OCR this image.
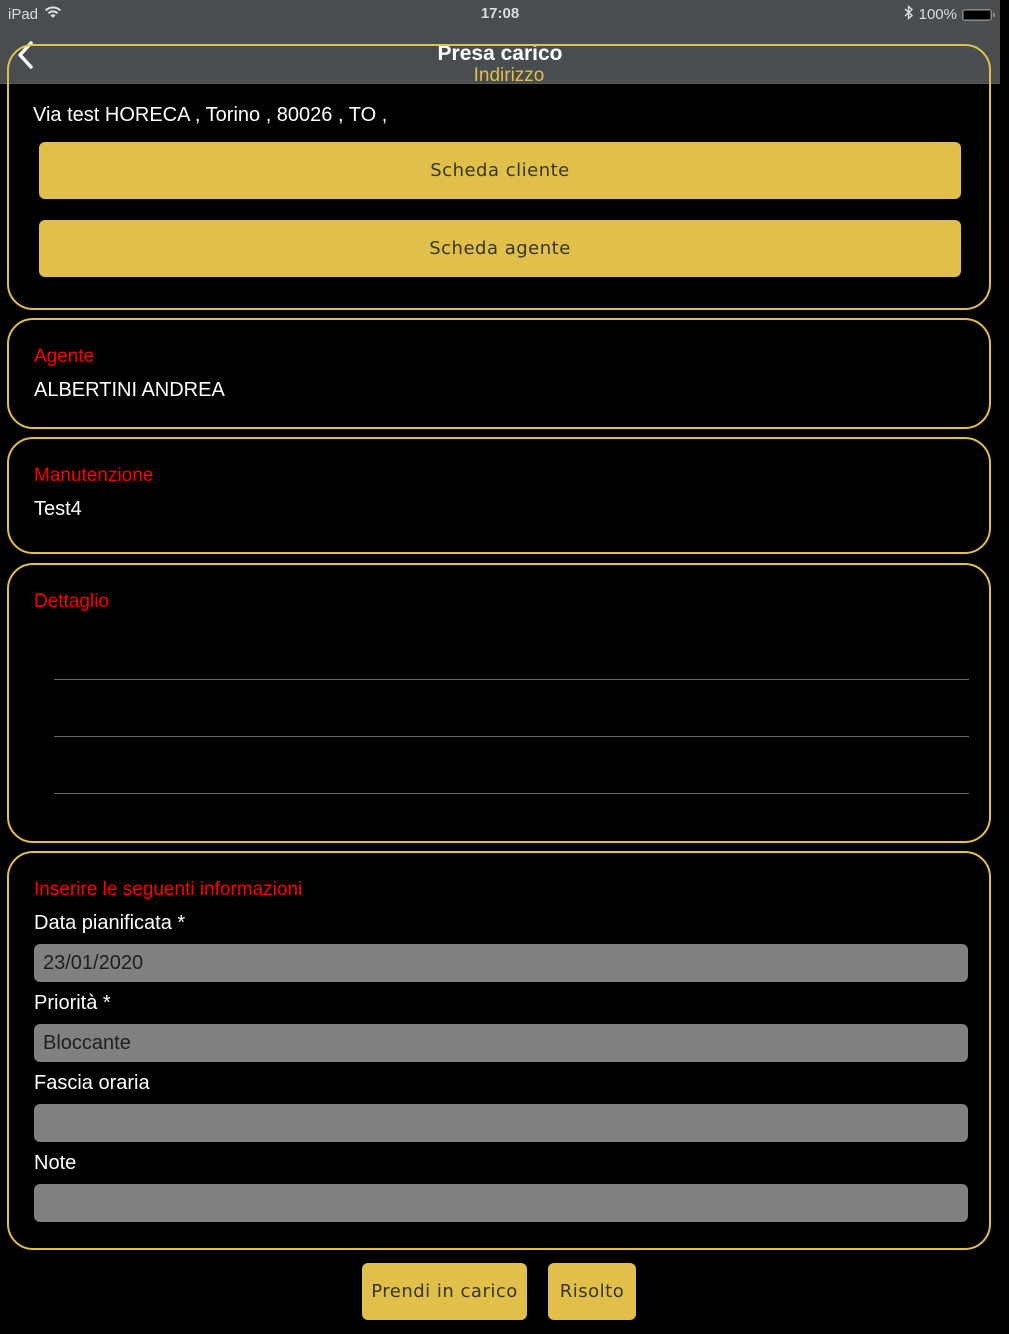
iPad	17:08	100%
Presa carico
Indirizzo
Via test HORECA , Torino , 80026 , TO ,
Scheda cliente
Scheda agente
Agente
ALBERTINI ANDREA
Manutenzione
Test4
Dettaglio
Inserire le seguenti informazioni
Data pianificata *
23/01/2020
Priorità *
Bloccante
Fascia oraria
Note
Prendi in carico	Risolto
